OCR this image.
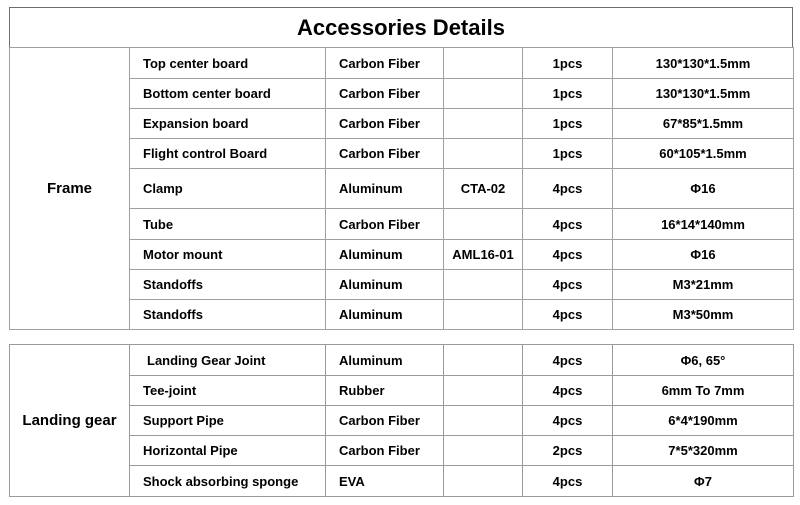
Accessories Details
Frame	Top center board	Carbon Fiber		1pcs	130*130*1.5mm
	Bottom center board	Carbon Fiber		1pcs	130*130*1.5mm
	Expansion board	Carbon Fiber		1pcs	67*85*1.5mm
	Flight control Board	Carbon Fiber		1pcs	60*105*1.5mm
	Clamp	Aluminum	CTA-02	4pcs	Φ16
	Tube	Carbon Fiber		4pcs	16*14*140mm
	Motor mount	Aluminum	AML16-01	4pcs	Φ16
	Standoffs	Aluminum		4pcs	M3*21mm
	Standoffs	Aluminum		4pcs	M3*50mm
Landing gear	Landing Gear Joint	Aluminum		4pcs	Φ6, 65°
	Tee-joint	Rubber		4pcs	6mm To 7mm
	Support Pipe	Carbon Fiber		4pcs	6*4*190mm
	Horizontal Pipe	Carbon Fiber		2pcs	7*5*320mm
	Shock absorbing sponge	EVA		4pcs	Φ7
